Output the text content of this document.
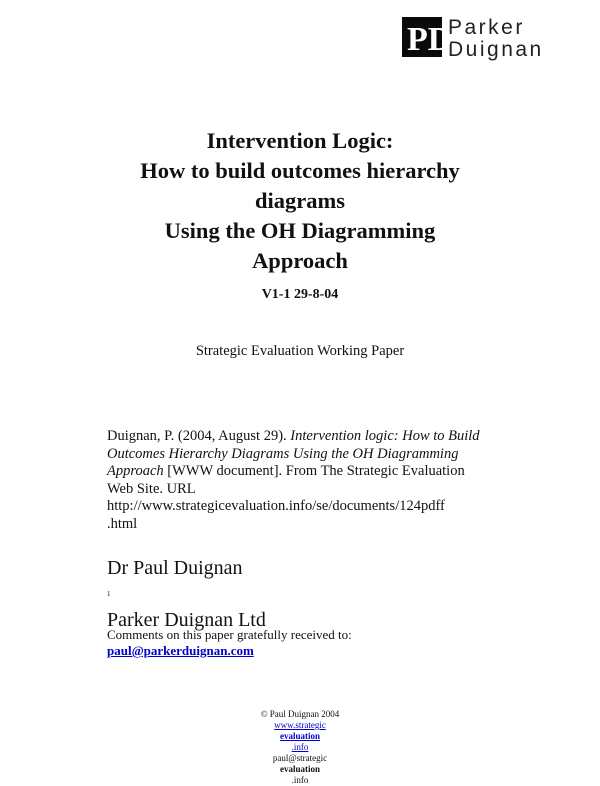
PD
Parker
Duignan
Intervention Logic:
How to build outcomes hierarchy
diagrams
Using the OH Diagramming
Approach
V1-1 29-8-04
Strategic Evaluation Working Paper
Duignan, P. (2004, August 29). Intervention logic: How to Build
Outcomes Hierarchy Diagrams Using the OH Diagramming
Approach [WWW document]. From The Strategic Evaluation
Web Site. URL
http://www.strategicevaluation.info/se/documents/124pdff
.html
Dr Paul Duignan
$^1$
Parker Duignan Ltd
Comments on this paper gratefully received to:
paul@parkerduignan.com
© Paul Duignan 2004
www.strategic
evaluation
.info
paul@strategic
evaluation
.info
